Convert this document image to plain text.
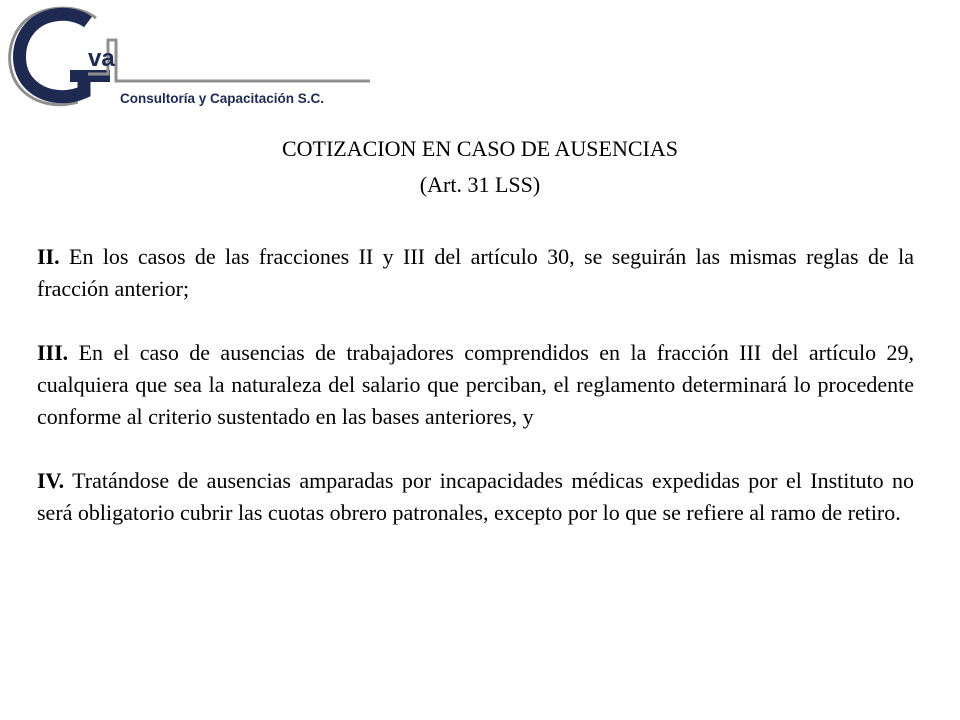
va
Consultoría y Capacitación S.C.
COTIZACION EN CASO DE AUSENCIAS
(Art. 31 LSS)

II. En los casos de las fracciones II y III del artículo 30, se seguirán las mismas reglas de la fracción anterior;

III. En el caso de ausencias de trabajadores comprendidos en la fracción III del artículo 29, cualquiera que sea la naturaleza del salario que perciban, el reglamento determinará lo procedente conforme al criterio sustentado en las bases anteriores, y

IV. Tratándose de ausencias amparadas por incapacidades médicas expedidas por el Instituto no será obligatorio cubrir las cuotas obrero patronales, excepto por lo que se refiere al ramo de retiro.
